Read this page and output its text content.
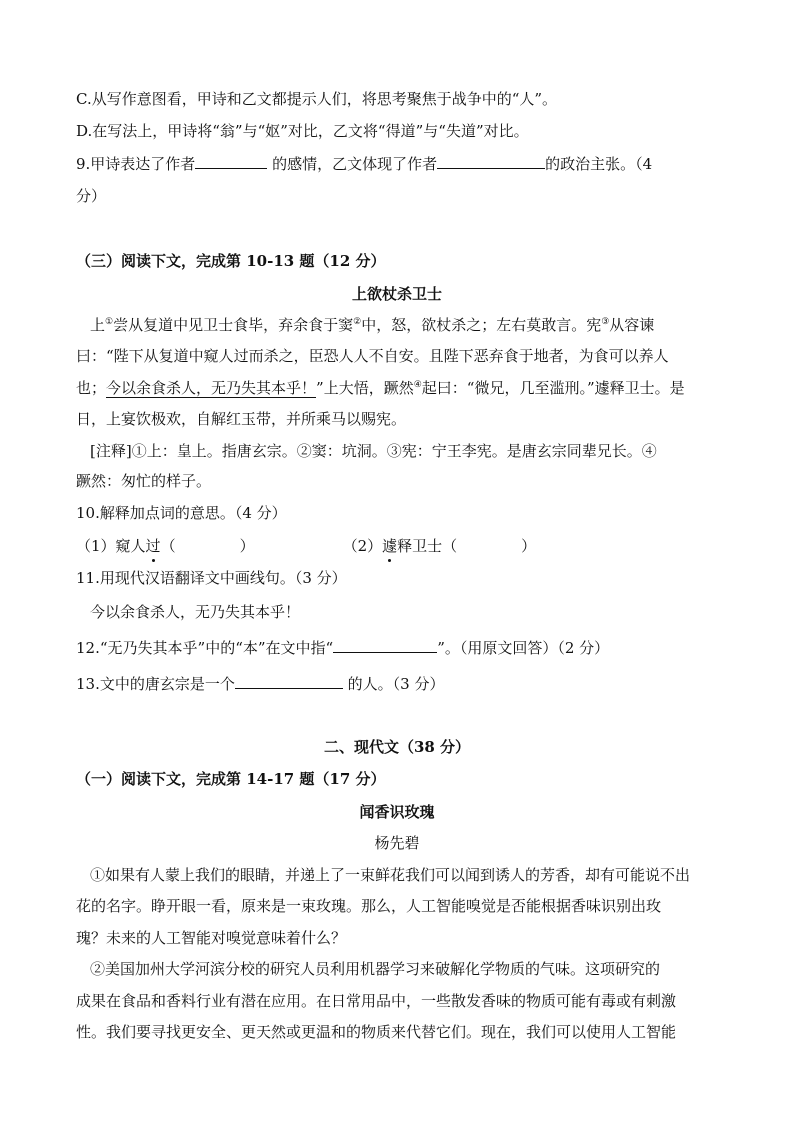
C.从写作意图看，甲诗和乙文都提示人们，将思考聚焦于战争中的“人”。
D.在写法上，甲诗将“翁”与“妪”对比，乙文将“得道”与“失道”对比。
9.甲诗表达了作者	的感情，乙文体现了作者	的政治主张。（4
分）
（三）阅读下文，完成第 10-13 题（12 分）
上欲杖杀卫士
上①尝从复道中见卫士食毕，弃余食于窦②中，怒，欲杖杀之；左右莫敢言。宪③从容谏
曰：“陛下从复道中窥人过而杀之，臣恐人人不自安。且陛下恶弃食于地者，为食可以养人
也；今以余食杀人，无乃失其本乎！”上大悟，蹶然④起曰：“微兄，几至滥刑。”遽释卫士。是
日，上宴饮极欢，自解红玉带，并所乘马以赐宪。
[注释]①上：皇上。指唐玄宗。②窦：坑洞。③宪：宁王李宪。是唐玄宗同辈兄长。④
蹶然：匆忙的样子。
10.解释加点词的意思。（4 分）
（1）窥人过（	）	（2）遽释卫士（	）
11.用现代汉语翻译文中画线句。（3 分）
今以余食杀人，无乃失其本乎！
12.“无乃失其本乎”中的“本”在文中指“	”。（用原文回答）（2 分）
13.文中的唐玄宗是一个	的人。（3 分）
二、现代文（38 分）
（一）阅读下文，完成第 14-17 题（17 分）
闻香识玫瑰
杨先碧
①如果有人蒙上我们的眼睛，并递上了一束鲜花我们可以闻到诱人的芳香，却有可能说不出
花的名字。睁开眼一看，原来是一束玫瑰。那么，人工智能嗅觉是否能根据香味识别出玫
瑰？未来的人工智能对嗅觉意味着什么？
②美国加州大学河滨分校的研究人员利用机器学习来破解化学物质的气味。这项研究的
成果在食品和香料行业有潜在应用。在日常用品中，一些散发香味的物质可能有毒或有刺激
性。我们要寻找更安全、更天然或更温和的物质来代替它们。现在，我们可以使用人工智能
